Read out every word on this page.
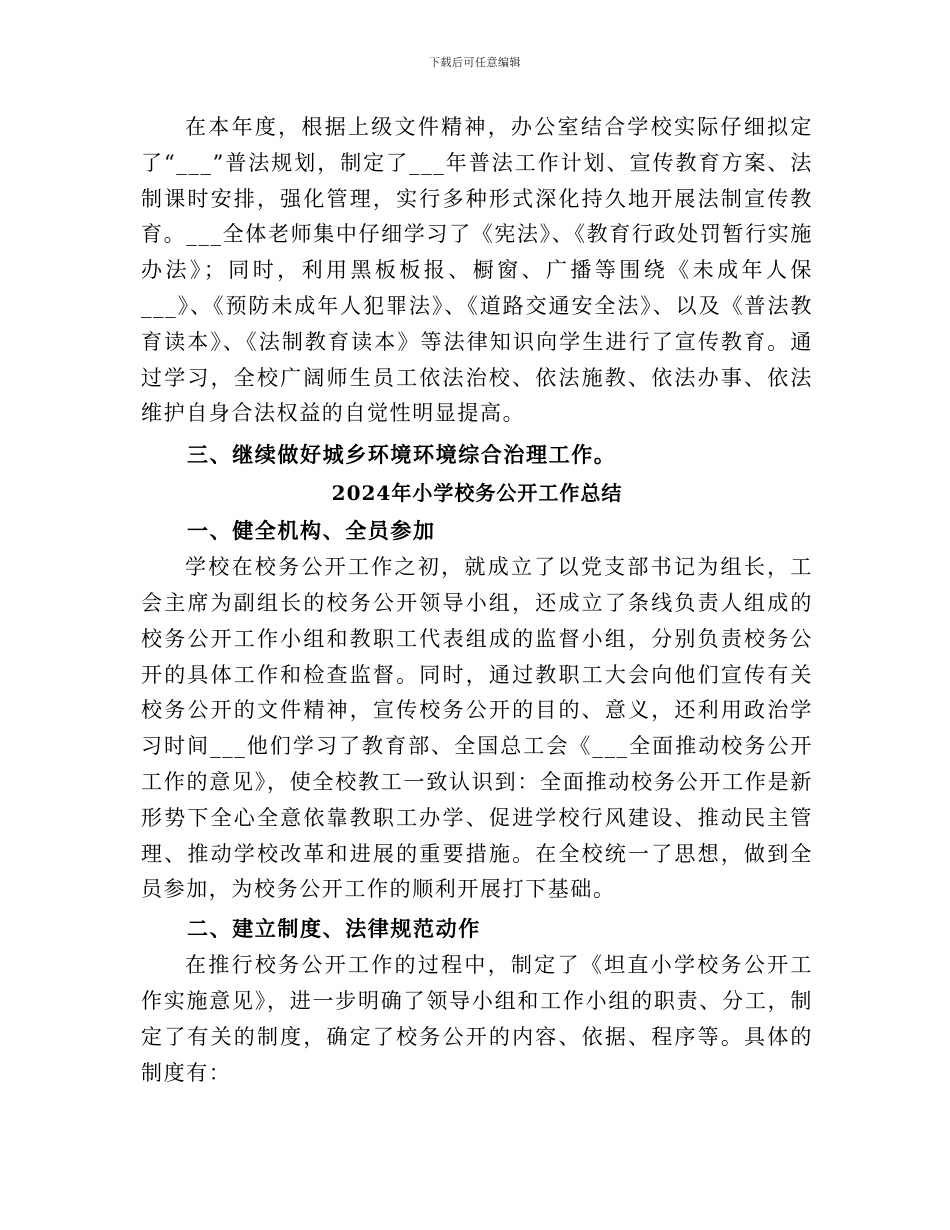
下载后可任意编辑

在本年度，根据上级文件精神，办公室结合学校实际仔细拟定了“___”普法规划，制定了___年普法工作计划、宣传教育方案、法制课时安排，强化管理，实行多种形式深化持久地开展法制宣传教育。___全体老师集中仔细学习了《宪法》、《教育行政处罚暂行实施办法》；同时，利用黑板板报、橱窗、广播等围绕《未成年人保___》、《预防未成年人犯罪法》、《道路交通安全法》、以及《普法教育读本》、《法制教育读本》等法律知识向学生进行了宣传教育。通过学习，全校广阔师生员工依法治校、依法施教、依法办事、依法维护自身合法权益的自觉性明显提高。

三、继续做好城乡环境环境综合治理工作。

2024年小学校务公开工作总结

一、健全机构、全员参加

学校在校务公开工作之初，就成立了以党支部书记为组长，工会主席为副组长的校务公开领导小组，还成立了条线负责人组成的校务公开工作小组和教职工代表组成的监督小组，分别负责校务公开的具体工作和检查监督。同时，通过教职工大会向他们宣传有关校务公开的文件精神，宣传校务公开的目的、意义，还利用政治学习时间___他们学习了教育部、全国总工会《___全面推动校务公开工作的意见》，使全校教工一致认识到：全面推动校务公开工作是新形势下全心全意依靠教职工办学、促进学校行风建设、推动民主管理、推动学校改革和进展的重要措施。在全校统一了思想，做到全员参加，为校务公开工作的顺利开展打下基础。

二、建立制度、法律规范动作

在推行校务公开工作的过程中，制定了《坦直小学校务公开工作实施意见》，进一步明确了领导小组和工作小组的职责、分工，制定了有关的制度，确定了校务公开的内容、依据、程序等。具体的制度有：
